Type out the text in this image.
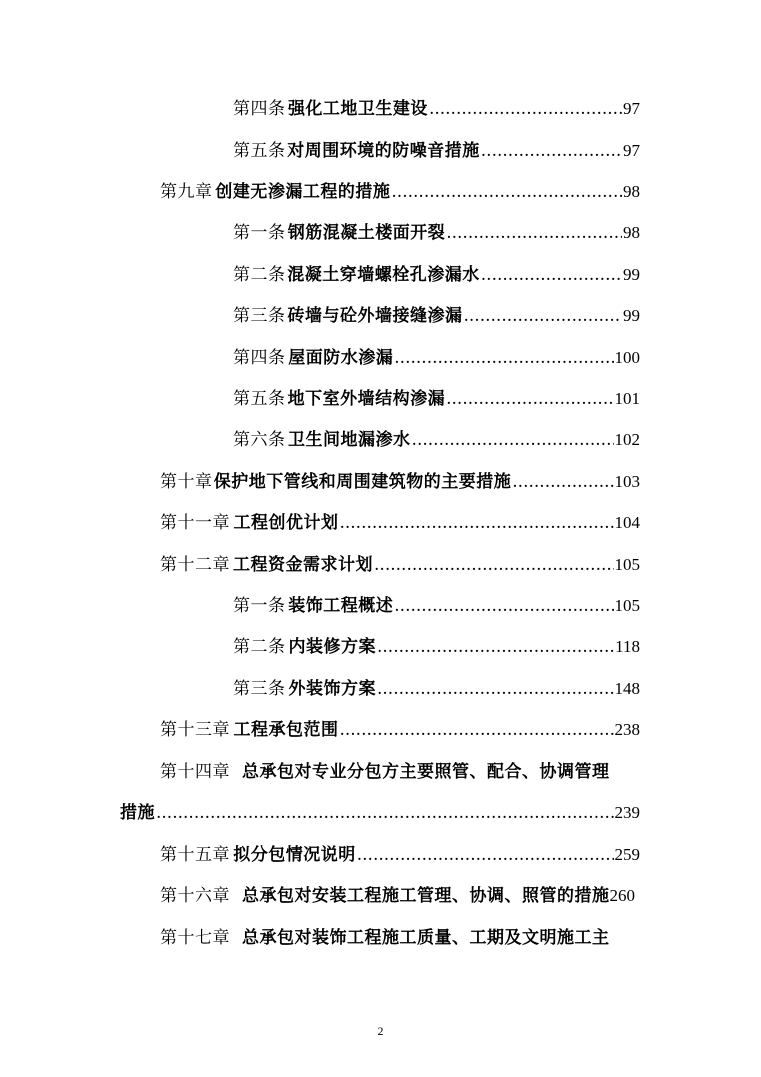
第四条 强化工地卫生建设 .....	97
第五条 对周围环境的防噪音措施 .....	97
第九章 创建无渗漏工程的措施 .....	98
第一条 钢筋混凝土楼面开裂 .....	98
第二条 混凝土穿墙螺栓孔渗漏水 .....	99
第三条 砖墙与砼外墙接缝渗漏 .....	99
第四条 屋面防水渗漏 .....	100
第五条 地下室外墙结构渗漏 .....	101
第六条 卫生间地漏渗水 .....	102
第十章 保护地下管线和周围建筑物的主要措施 .....	103
第十一章 工程创优计划 .....	104
第十二章 工程资金需求计划 .....	105
第一条 装饰工程概述 .....	105
第二条 内装修方案 .....	118
第三条 外装饰方案 .....	148
第十三章 工程承包范围 .....	238
第十四章 总承包对专业分包方主要照管、配合、协调管理
措施 .....	239
第十五章 拟分包情况说明 .....	259
第十六章 总承包对安装工程施工管理、协调、照管的措施 260
第十七章 总承包对装饰工程施工质量、工期及文明施工主
2
